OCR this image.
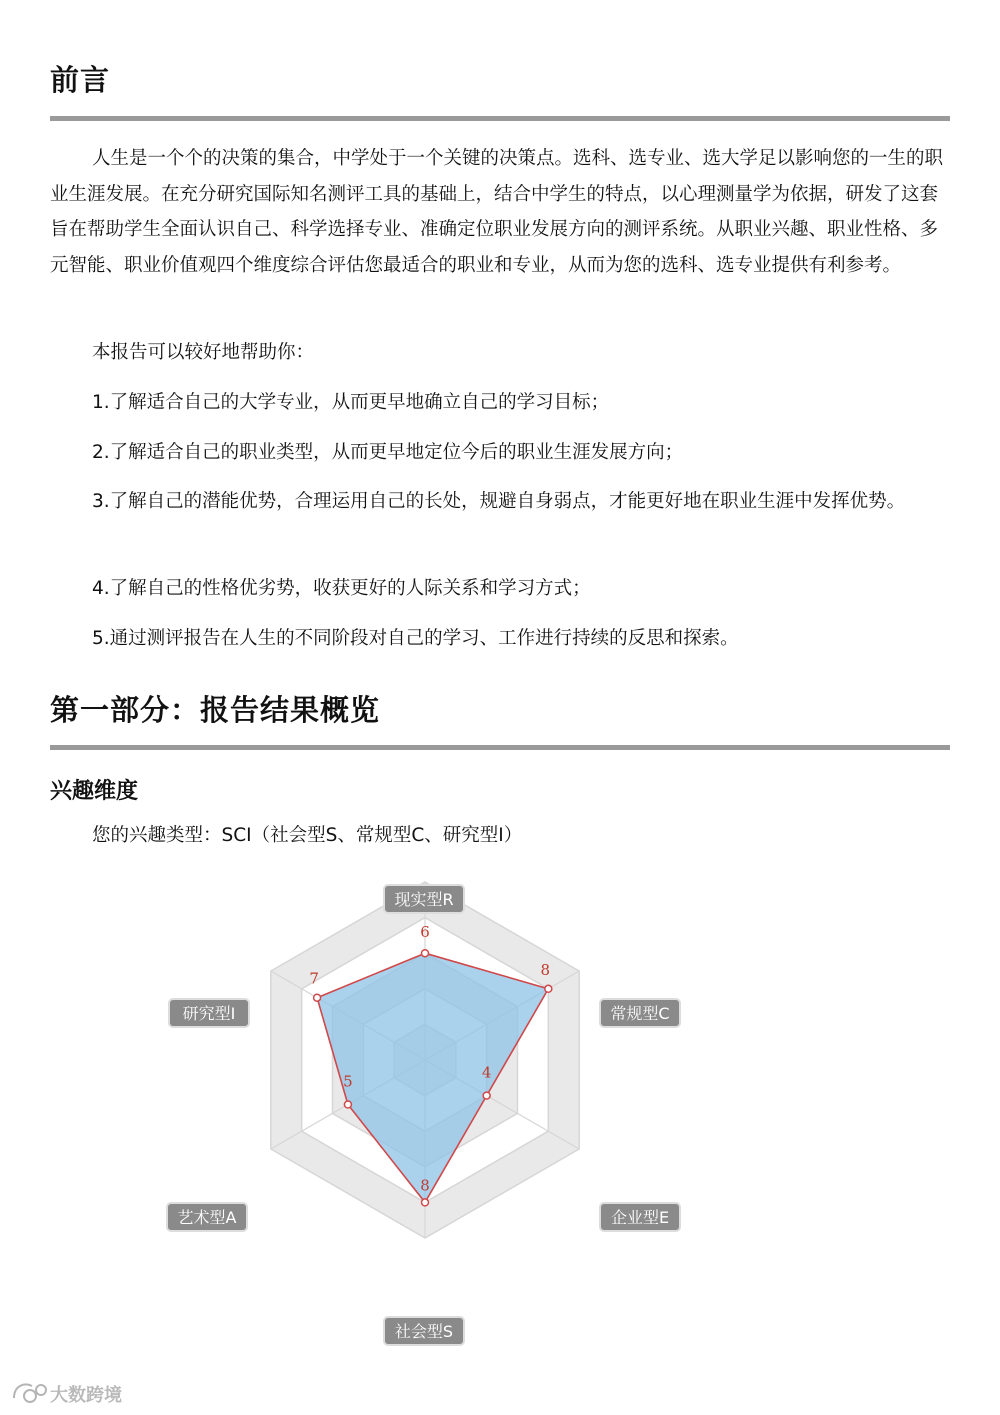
前言

人生是一个个的决策的集合，中学处于一个关键的决策点。选科、选专业、选大学足以影响您的一生的职业生涯发展。在充分研究国际知名测评工具的基础上，结合中学生的特点，以心理测量学为依据，研发了这套旨在帮助学生全面认识自己、科学选择专业、准确定位职业发展方向的测评系统。从职业兴趣、职业性格、多元智能、职业价值观四个维度综合评估您最适合的职业和专业，从而为您的选科、选专业提供有利参考。

本报告可以较好地帮助你：

1.了解适合自己的大学专业，从而更早地确立自己的学习目标；

2.了解适合自己的职业类型，从而更早地定位今后的职业生涯发展方向；

3.了解自己的潜能优势，合理运用自己的长处，规避自身弱点，才能更好地在职业生涯中发挥优势。

4.了解自己的性格优劣势，收获更好的人际关系和学习方式；

5.通过测评报告在人生的不同阶段对自己的学习、工作进行持续的反思和探索。

第一部分：报告结果概览
兴趣维度

您的兴趣类型：SCI（社会型S、常规型C、研究型I）

6
8
4
8
5
7
现实型R
常规型C
企业型E
社会型S
艺术型A
研究型I
大数跨境
